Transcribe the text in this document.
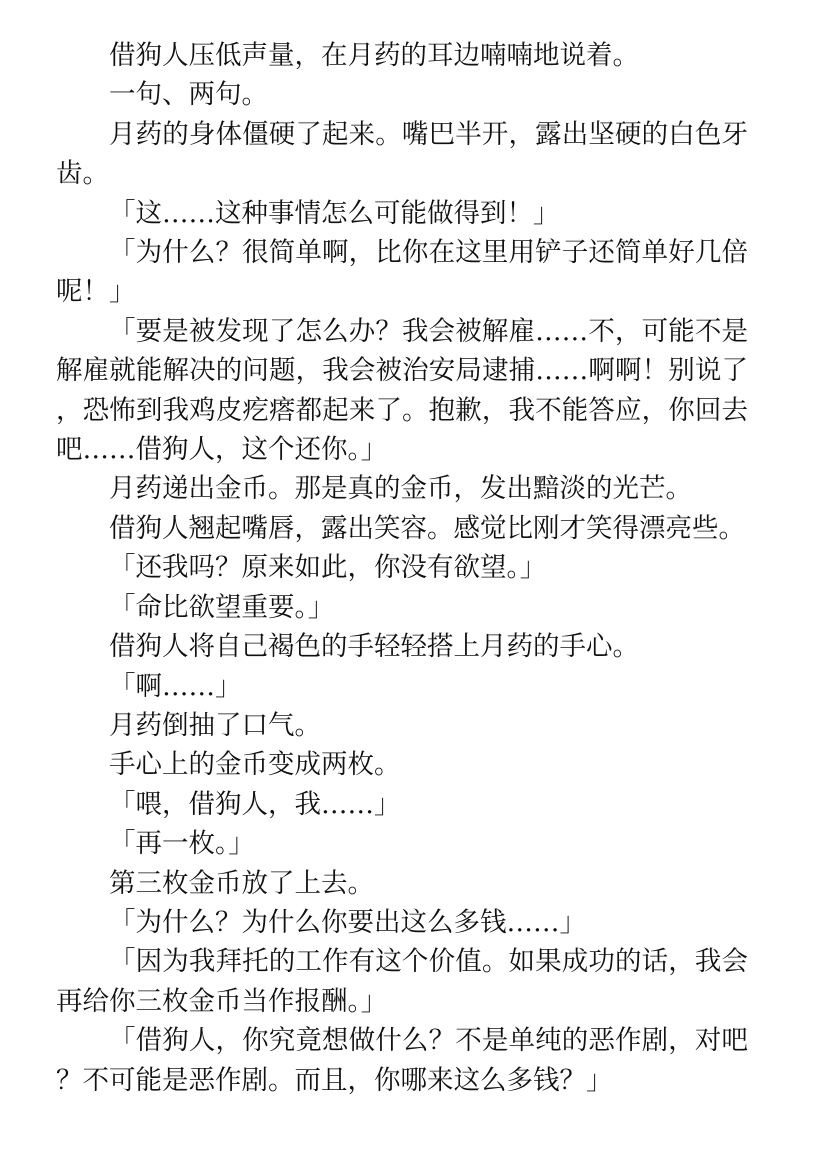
借狗人压低声量，在月药的耳边喃喃地说着。

一句、两句。

月药的身体僵硬了起来。嘴巴半开，露出坚硬的白色牙齿。

「这……这种事情怎么可能做得到！」

「为什么？很简单啊，比你在这里用铲子还简单好几倍呢！」

「要是被发现了怎么办？我会被解雇……不，可能不是解雇就能解决的问题，我会被治安局逮捕……啊啊！别说了，恐怖到我鸡皮疙瘩都起来了。抱歉，我不能答应，你回去吧……借狗人，这个还你。」

月药递出金币。那是真的金币，发出黯淡的光芒。

借狗人翘起嘴唇，露出笑容。感觉比刚才笑得漂亮些。

「还我吗？原来如此，你没有欲望。」

「命比欲望重要。」

借狗人将自己褐色的手轻轻搭上月药的手心。

「啊……」

月药倒抽了口气。

手心上的金币变成两枚。

「喂，借狗人，我……」

「再一枚。」

第三枚金币放了上去。

「为什么？为什么你要出这么多钱……」

「因为我拜托的工作有这个价值。如果成功的话，我会再给你三枚金币当作报酬。」

「借狗人，你究竟想做什么？不是单纯的恶作剧，对吧？不可能是恶作剧。而且，你哪来这么多钱？」
